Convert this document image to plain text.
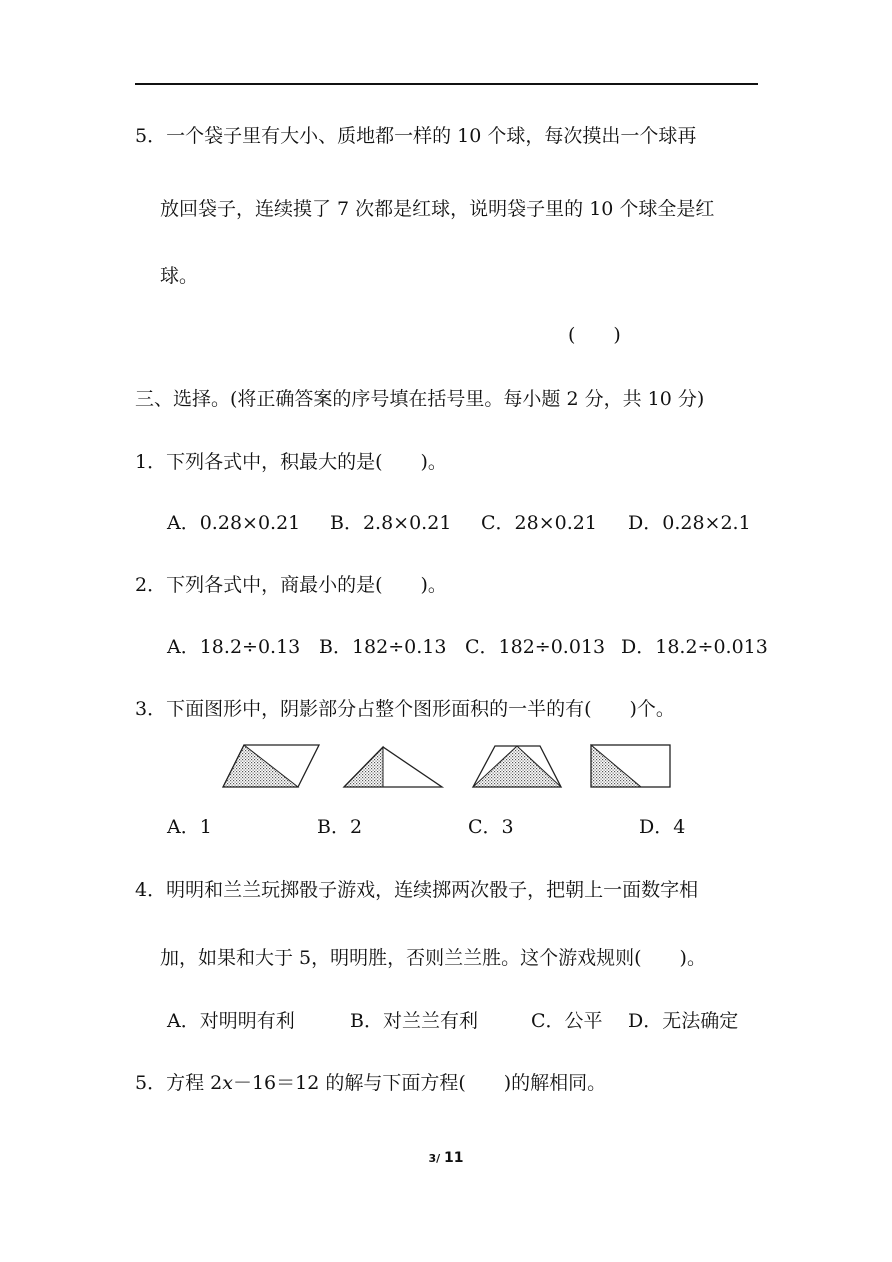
5．一个袋子里有大小、质地都一样的 10 个球，每次摸出一个球再
放回袋子，连续摸了 7 次都是红球，说明袋子里的 10 个球全是红
球。
(　　)
三、选择。(将正确答案的序号填在括号里。每小题 2 分，共 10 分)
1．下列各式中，积最大的是(　　)。
A．0.28×0.21 B．2.8×0.21 C．28×0.21 D．0.28×2.1
2．下列各式中，商最小的是(　　)。
A．18.2÷0.13 B．182÷0.13 C．182÷0.013 D．18.2÷0.013
3．下面图形中，阴影部分占整个图形面积的一半的有(　　)个。
A．1	B．2	C．3	D．4
4．明明和兰兰玩掷骰子游戏，连续掷两次骰子，把朝上一面数字相
加，如果和大于 5，明明胜，否则兰兰胜。这个游戏规则(　　)。
A．对明明有利	B．对兰兰有利	C．公平 D．无法确定
5．方程 2x－16＝12 的解与下面方程(　　)的解相同。
3/ 11
